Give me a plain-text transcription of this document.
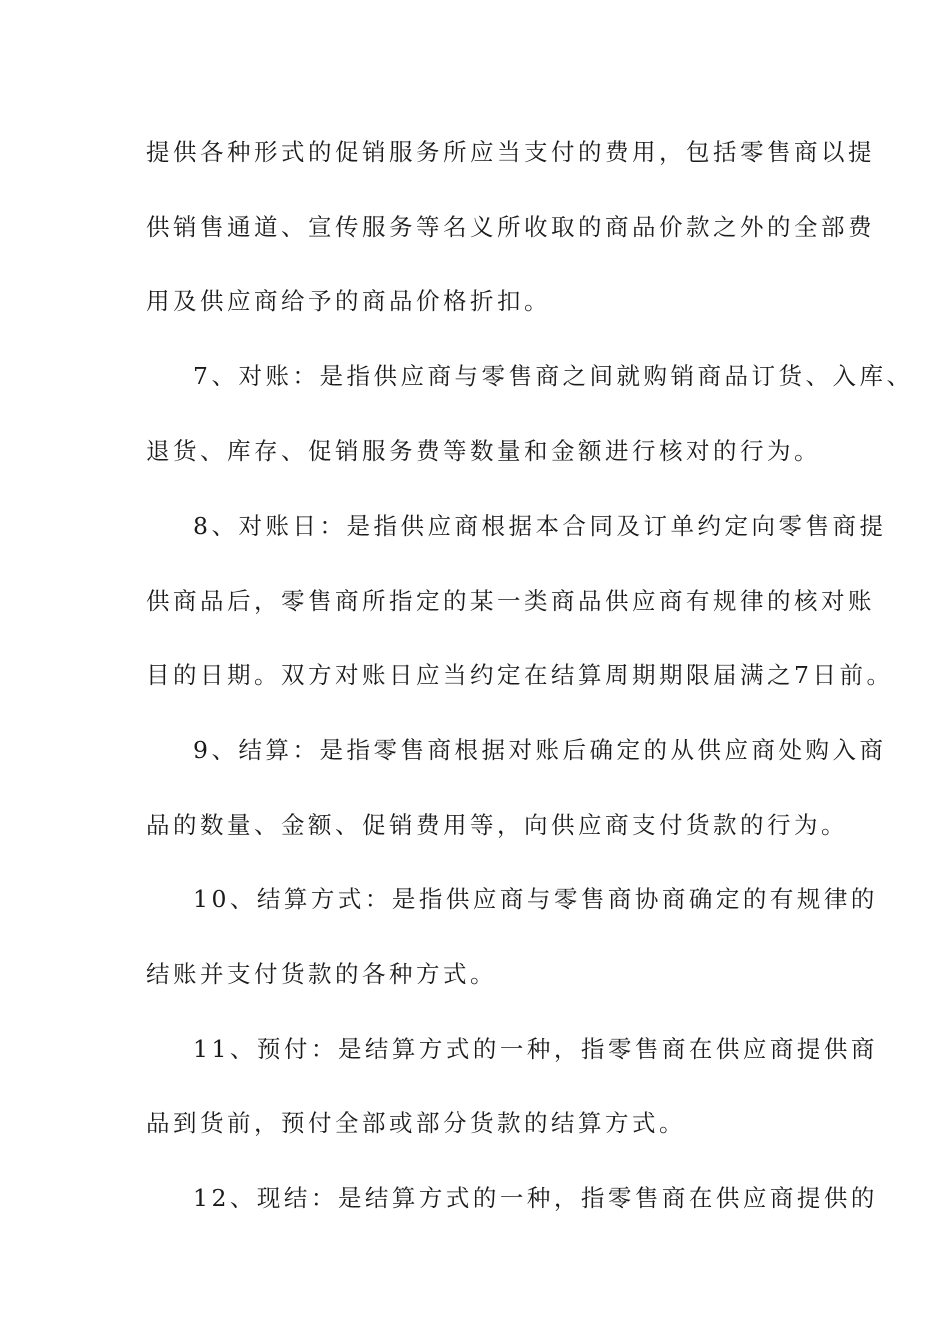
提供各种形式的促销服务所应当支付的费用，包括零售商以提
供销售通道、宣传服务等名义所收取的商品价款之外的全部费
用及供应商给予的商品价格折扣。
7、对账：是指供应商与零售商之间就购销商品订货、入库、
退货、库存、促销服务费等数量和金额进行核对的行为。
8、对账日：是指供应商根据本合同及订单约定向零售商提
供商品后，零售商所指定的某一类商品供应商有规律的核对账
目的日期。双方对账日应当约定在结算周期期限届满之7日前。
9、结算：是指零售商根据对账后确定的从供应商处购入商
品的数量、金额、促销费用等，向供应商支付货款的行为。
10、结算方式：是指供应商与零售商协商确定的有规律的
结账并支付货款的各种方式。
11、预付：是结算方式的一种，指零售商在供应商提供商
品到货前，预付全部或部分货款的结算方式。
12、现结：是结算方式的一种，指零售商在供应商提供的
